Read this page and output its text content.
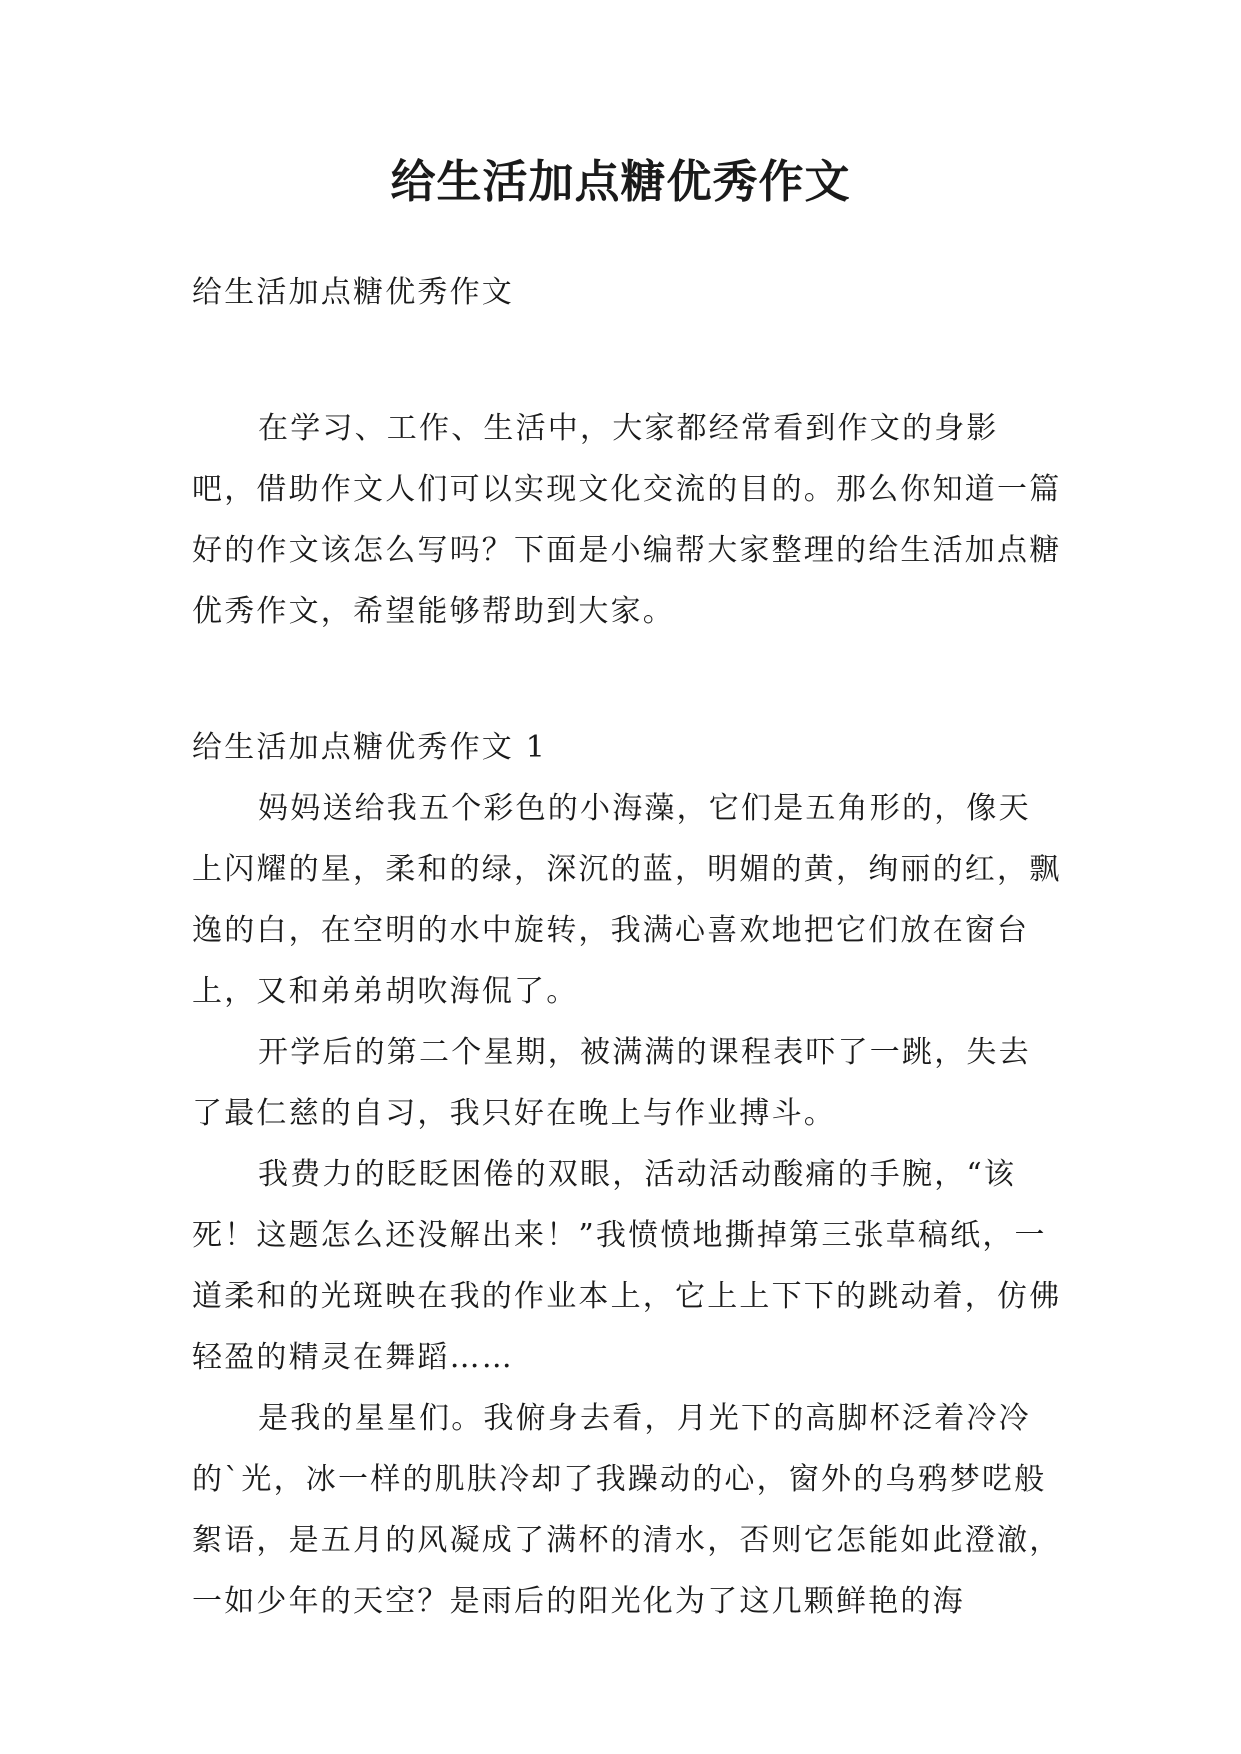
给生活加点糖优秀作文

给生活加点糖优秀作文

在学习、工作、生活中，大家都经常看到作文的身影吧，借助作文人们可以实现文化交流的目的。那么你知道一篇好的作文该怎么写吗？下面是小编帮大家整理的给生活加点糖优秀作文，希望能够帮助到大家。

给生活加点糖优秀作文 1

妈妈送给我五个彩色的小海藻，它们是五角形的，像天上闪耀的星，柔和的绿，深沉的蓝，明媚的黄，绚丽的红，飘逸的白，在空明的水中旋转，我满心喜欢地把它们放在窗台上，又和弟弟胡吹海侃了。

开学后的第二个星期，被满满的课程表吓了一跳，失去了最仁慈的自习，我只好在晚上与作业搏斗。

我费力的眨眨困倦的双眼，活动活动酸痛的手腕，“该死！这题怎么还没解出来！”我愤愤地撕掉第三张草稿纸，一道柔和的光斑映在我的作业本上，它上上下下的跳动着，仿佛轻盈的精灵在舞蹈……

是我的星星们。我俯身去看，月光下的高脚杯泛着冷冷的`光，冰一样的肌肤冷却了我躁动的心，窗外的乌鸦梦呓般絮语，是五月的风凝成了满杯的清水，否则它怎能如此澄澈，一如少年的天空？是雨后的阳光化为了这几颗鲜艳的海
